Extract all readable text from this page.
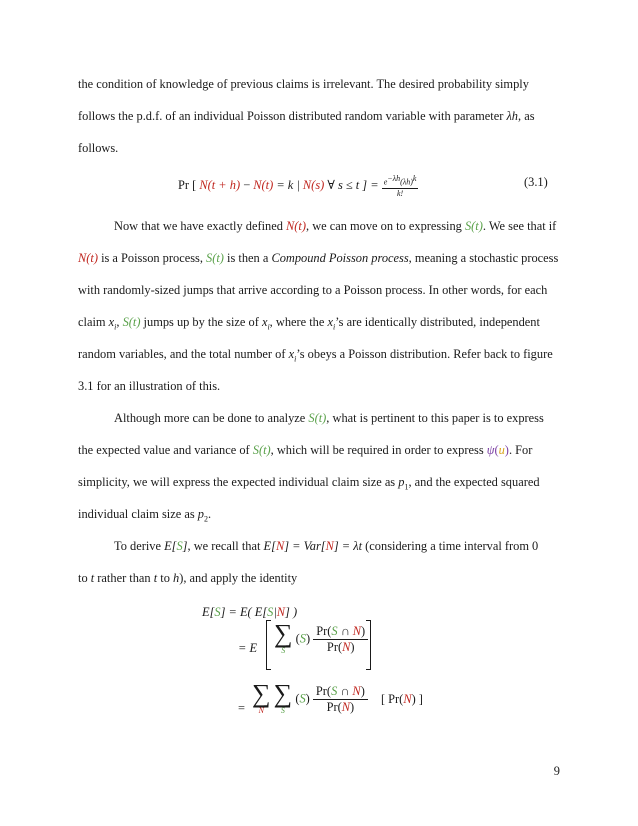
the condition of knowledge of previous claims is irrelevant. The desired probability simply
follows the p.d.f. of an individual Poisson distributed random variable with parameter λh, as
follows.
Pr [ N(t + h) − N(t) = k | N(s) ∀ s ≤ t ] = $\frac{e^{-\lambda h}(\lambda h)^k}{k!}$	(3.1)
Now that we have exactly defined N(t), we can move on to expressing S(t). We see that if
N(t) is a Poisson process, S(t) is then a Compound Poisson process, meaning a stochastic process
with randomly-sized jumps that arrive according to a Poisson process. In other words, for each
claim $x_i$, S(t) jumps up by the size of $x_i$, where the $x_i’s$ are identically distributed, independent
random variables, and the total number of $x_i’s$ obeys a Poisson distribution. Refer back to figure
3.1 for an illustration of this.
Although more can be done to analyze S(t), what is pertinent to this paper is to express
the expected value and variance of S(t), which will be required in order to express ψ(u). For
simplicity, we will express the expected individual claim size as $p_1$, and the expected squared
individual claim size as $p_2$.
To derive E[S], we recall that E[N] = Var[N] = λt (considering a time interval from 0
to t rather than t to h), and apply the identity
E[S] = E( E[S|N] )
= E ∑
S
$(S) \frac{Pr(S \cap N)}{Pr(N)}$
= ∑
N

∑
S
$(S) \frac{Pr(S \cap N)}{Pr(N)}$ [ Pr(N) ]
9
